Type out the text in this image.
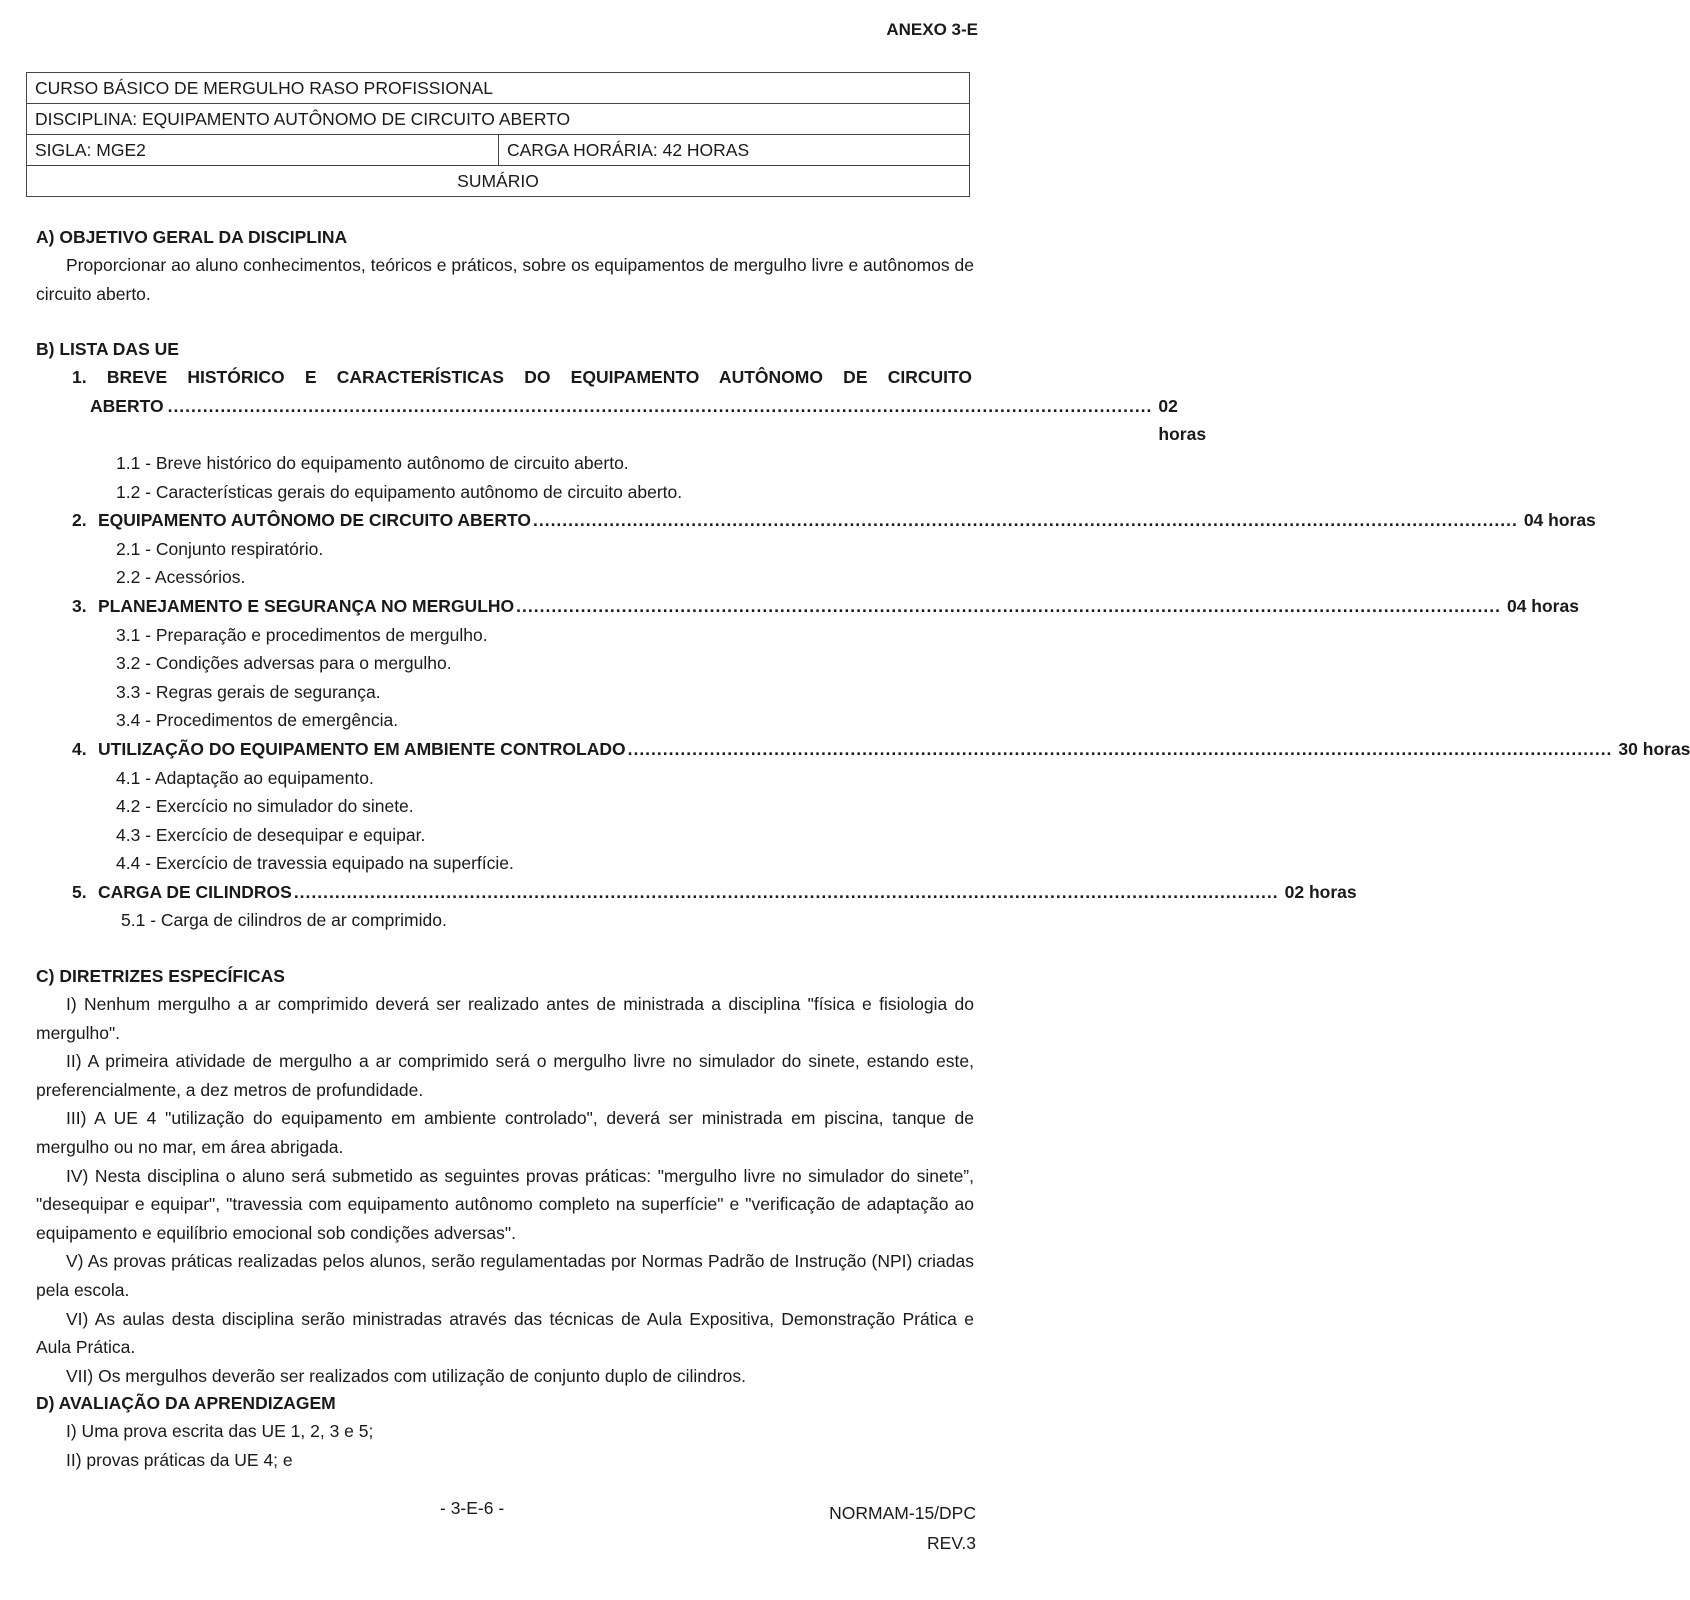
ANEXO 3-E
CURSO BÁSICO DE MERGULHO RASO PROFISSIONAL
DISCIPLINA: EQUIPAMENTO AUTÔNOMO DE CIRCUITO ABERTO
SIGLA: MGE2	CARGA HORÁRIA: 42 HORAS
SUMÁRIO
A) OBJETIVO GERAL DA DISCIPLINA

Proporcionar ao aluno conhecimentos, teóricos e práticos, sobre os equipamentos de mergulho livre e autônomos de circuito aberto.

B) LISTA DAS UE
1. BREVE HISTÓRICO E CARACTERÍSTICAS DO EQUIPAMENTO AUTÔNOMO DE CIRCUITO
ABERTO ........................................................................................................................................................................ 02 horas
1.1 - Breve histórico do equipamento autônomo de circuito aberto.
1.2 - Características gerais do equipamento autônomo de circuito aberto.
2. EQUIPAMENTO AUTÔNOMO DE CIRCUITO ABERTO ........................................................................................................................................................................ 04 horas
2.1 - Conjunto respiratório.
2.2 - Acessórios.
3. PLANEJAMENTO E SEGURANÇA NO MERGULHO ........................................................................................................................................................................ 04 horas
3.1 - Preparação e procedimentos de mergulho.
3.2 - Condições adversas para o mergulho.
3.3 - Regras gerais de segurança.
3.4 - Procedimentos de emergência.
4. UTILIZAÇÃO DO EQUIPAMENTO EM AMBIENTE CONTROLADO ........................................................................................................................................................................ 30 horas
4.1 - Adaptação ao equipamento.
4.2 - Exercício no simulador do sinete.
4.3 - Exercício de desequipar e equipar.
4.4 - Exercício de travessia equipado na superfície.
5. CARGA DE CILINDROS ........................................................................................................................................................................ 02 horas
5.1 - Carga de cilindros de ar comprimido.
C) DIRETRIZES ESPECÍFICAS

I) Nenhum mergulho a ar comprimido deverá ser realizado antes de ministrada a disciplina "física e fisiologia do mergulho".

II) A primeira atividade de mergulho a ar comprimido será o mergulho livre no simulador do sinete, estando este, preferencialmente, a dez metros de profundidade.

III) A UE 4 "utilização do equipamento em ambiente controlado", deverá ser ministrada em piscina, tanque de mergulho ou no mar, em área abrigada.

IV) Nesta disciplina o aluno será submetido as seguintes provas práticas: "mergulho livre no simulador do sinete”, "desequipar e equipar", "travessia com equipamento autônomo completo na superfície" e "verificação de adaptação ao equipamento e equilíbrio emocional sob condições adversas".

V) As provas práticas realizadas pelos alunos, serão regulamentadas por Normas Padrão de Instrução (NPI) criadas pela escola.

VI) As aulas desta disciplina serão ministradas através das técnicas de Aula Expositiva, Demonstração Prática e Aula Prática.

VII) Os mergulhos deverão ser realizados com utilização de conjunto duplo de cilindros.

D) AVALIAÇÃO DA APRENDIZAGEM

I) Uma prova escrita das UE 1, 2, 3 e 5;

II) provas práticas da UE 4; e

- 3-E-6 -	NORMAM-15/DPC
REV.3
